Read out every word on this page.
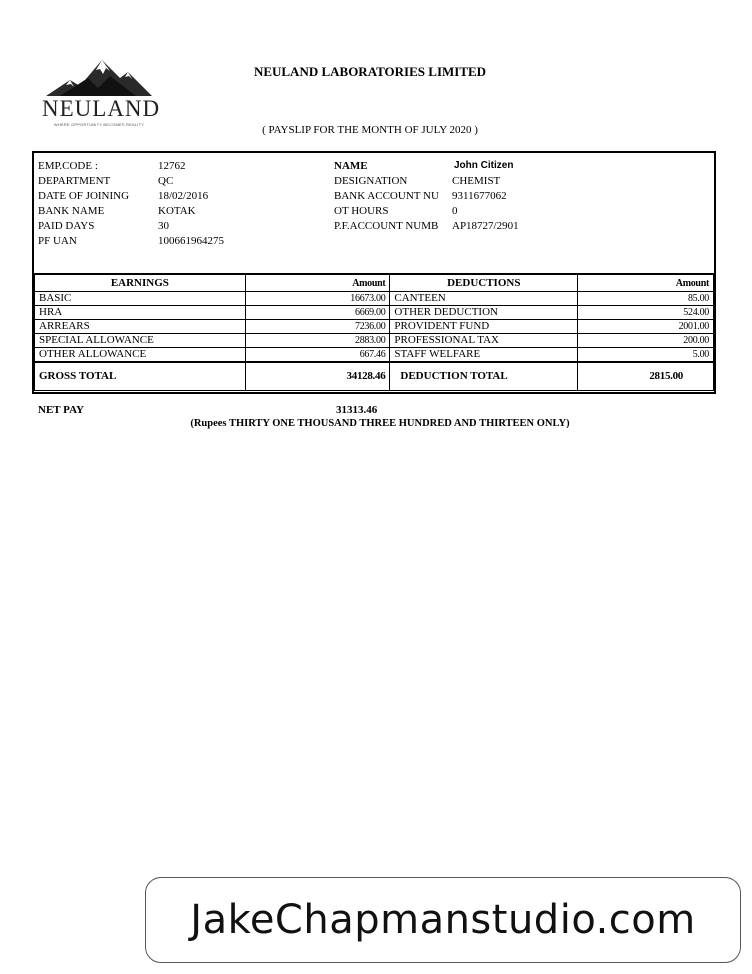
NEULAND
WHERE OPPORTUNITY BECOMES REALITY
NEULAND LABORATORIES LIMITED
( PAYSLIP FOR THE MONTH OF JULY 2020 )
EMP.CODE :	12762
DEPARTMENT	QC
DATE OF JOINING	18/02/2016
BANK NAME	KOTAK
PAID DAYS	30
PF UAN	100661964275
NAME	John Citizen
DESIGNATION	CHEMIST
BANK ACCOUNT NU 9311677062
OT HOURS	0
P.F.ACCOUNT NUMB AP18727/2901
EARNINGS	Amount	DEDUCTIONS	Amount
BASIC	16673.00	CANTEEN	85.00
HRA	6669.00	OTHER DEDUCTION	524.00
ARREARS	7236.00	PROVIDENT FUND	2001.00
SPECIAL ALLOWANCE	2883.00	PROFESSIONAL TAX	200.00
OTHER ALLOWANCE	667.46	STAFF WELFARE	5.00
GROSS TOTAL	34128.46	DEDUCTION TOTAL	2815.00
NET PAY	31313.46
(Rupees THIRTY ONE THOUSAND THREE HUNDRED AND THIRTEEN ONLY)
JakeChapmanstudio.com
